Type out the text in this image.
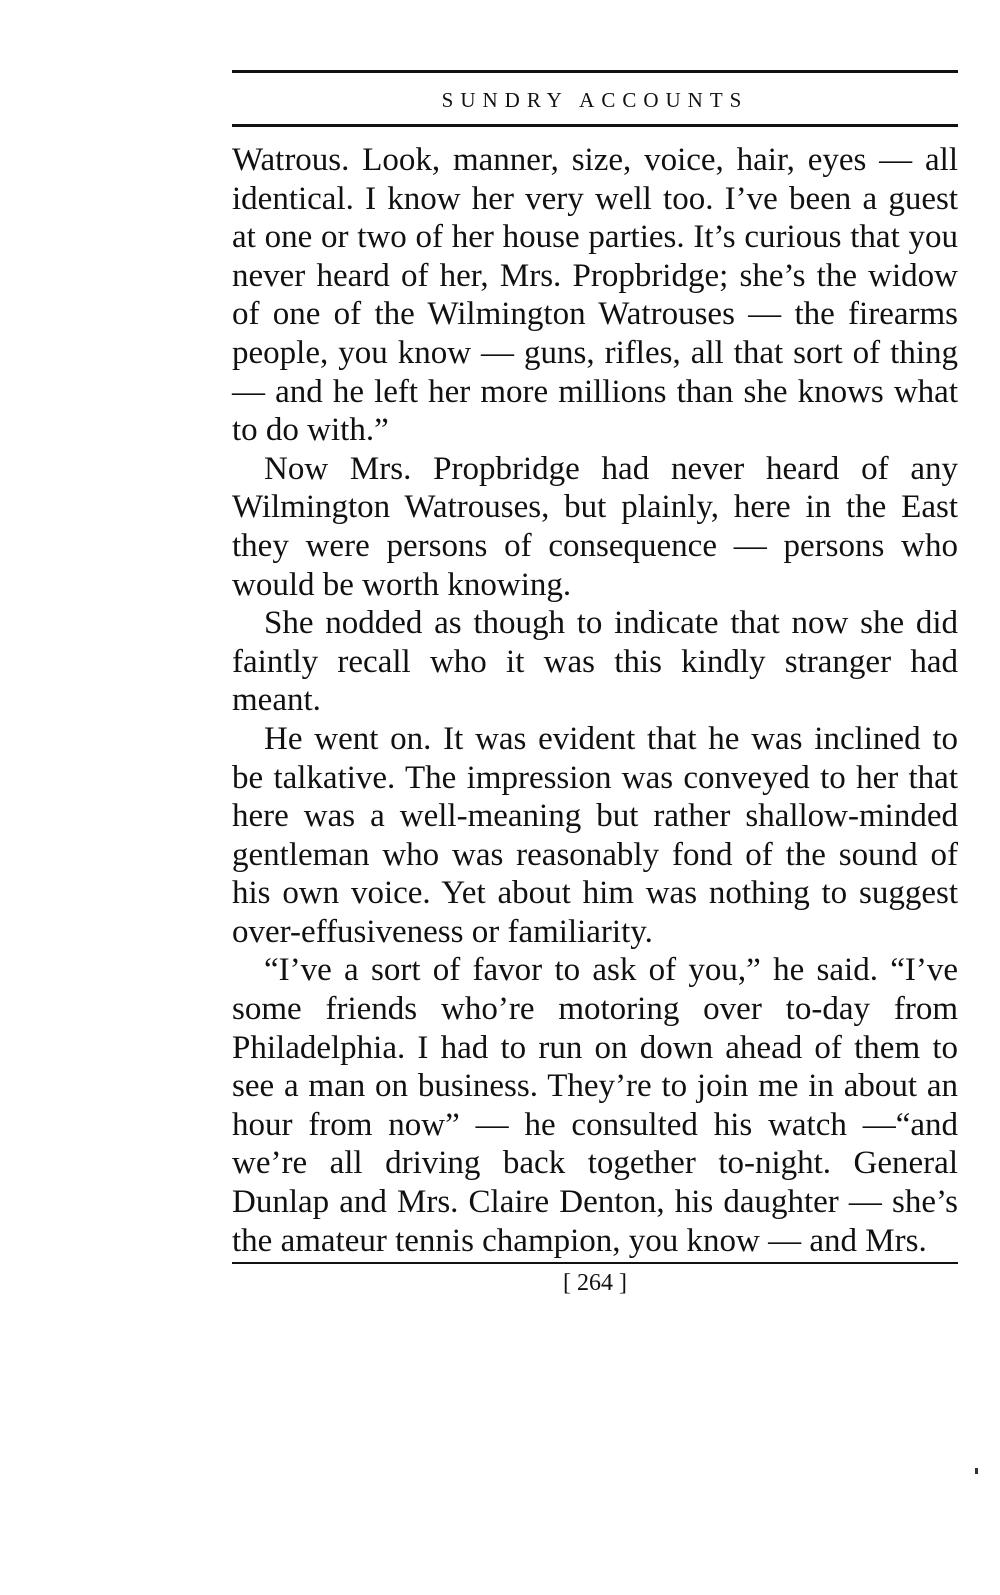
SUNDRY ACCOUNTS

Watrous. Look, manner, size, voice, hair, eyes — all identical. I know her very well too. I’ve been a guest at one or two of her house parties. It’s curious that you never heard of her, Mrs. Propbridge; she’s the widow of one of the Wilmington Watrouses — the firearms people, you know — guns, rifles, all that sort of thing — and he left her more millions than she knows what to do with.”

Now Mrs. Propbridge had never heard of any Wilmington Watrouses, but plainly, here in the East they were persons of consequence — persons who would be worth knowing.

She nodded as though to indicate that now she did faintly recall who it was this kindly stranger had meant.

He went on. It was evident that he was inclined to be talkative. The impression was conveyed to her that here was a well-meaning but rather shallow-minded gentleman who was reasonably fond of the sound of his own voice. Yet about him was nothing to suggest over-effusiveness or familiarity.

“I’ve a sort of favor to ask of you,” he said. “I’ve some friends who’re motoring over to-day from Philadelphia. I had to run on down ahead of them to see a man on business. They’re to join me in about an hour from now” — he consulted his watch —“and we’re all driving back together to-night. General Dunlap and Mrs. Claire Denton, his daughter — she’s the amateur tennis champion, you know — and Mrs.

[ 264 ]
